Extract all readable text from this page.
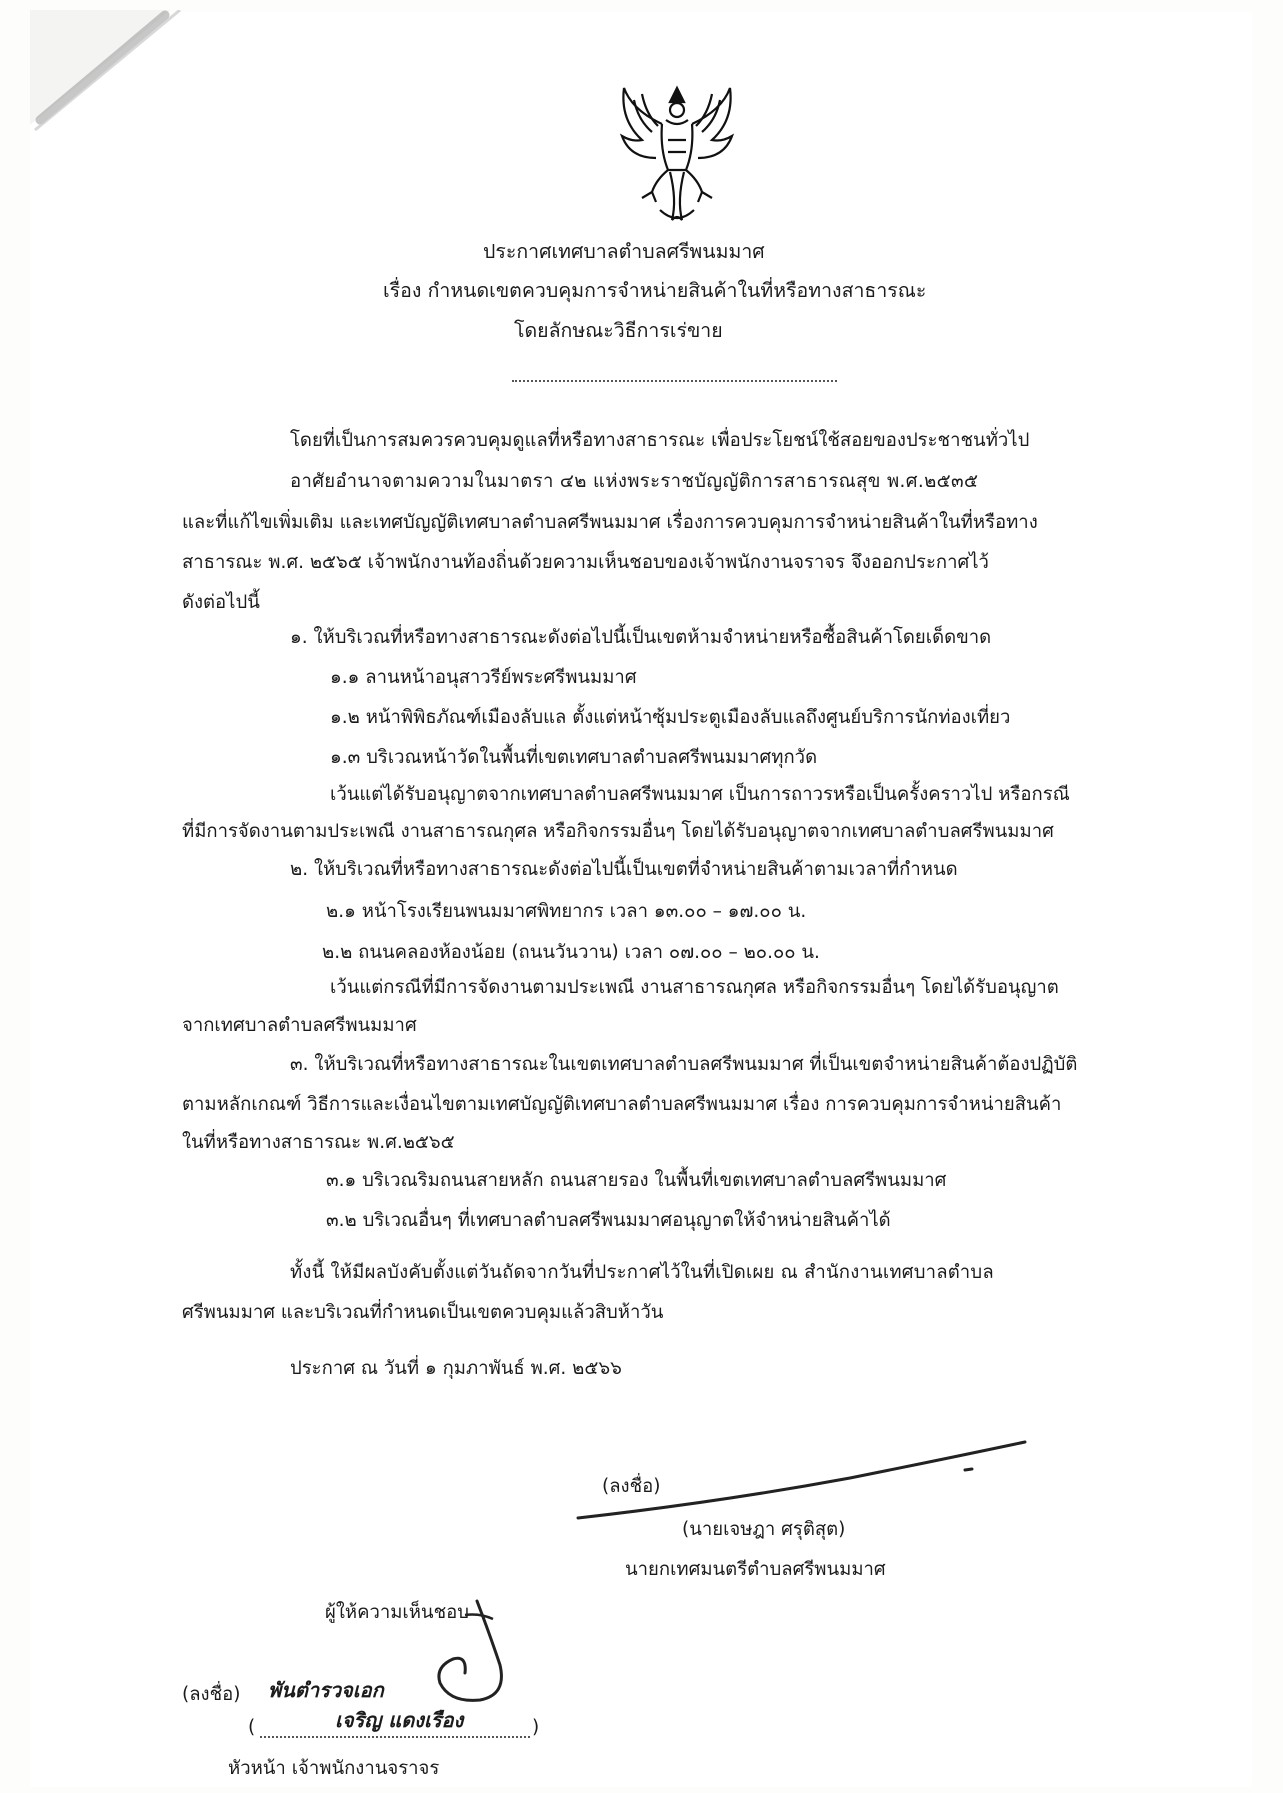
ประกาศเทศบาลตำบลศรีพนมมาศ
เรื่อง กำหนดเขตควบคุมการจำหน่ายสินค้าในที่หรือทางสาธารณะ
โดยลักษณะวิธีการเร่ขาย
โดยที่เป็นการสมควรควบคุมดูแลที่หรือทางสาธารณะ เพื่อประโยชน์ใช้สอยของประชาชนทั่วไป
อาศัยอำนาจตามความในมาตรา ๔๒ แห่งพระราชบัญญัติการสาธารณสุข พ.ศ.๒๕๓๕
และที่แก้ไขเพิ่มเติม และเทศบัญญัติเทศบาลตำบลศรีพนมมาศ เรื่องการควบคุมการจำหน่ายสินค้าในที่หรือทาง
สาธารณะ พ.ศ. ๒๕๖๕ เจ้าพนักงานท้องถิ่นด้วยความเห็นชอบของเจ้าพนักงานจราจร จึงออกประกาศไว้
ดังต่อไปนี้
๑. ให้บริเวณที่หรือทางสาธารณะดังต่อไปนี้เป็นเขตห้ามจำหน่ายหรือซื้อสินค้าโดยเด็ดขาด
๑.๑ ลานหน้าอนุสาวรีย์พระศรีพนมมาศ
๑.๒ หน้าพิพิธภัณฑ์เมืองลับแล ตั้งแต่หน้าซุ้มประตูเมืองลับแลถึงศูนย์บริการนักท่องเที่ยว
๑.๓ บริเวณหน้าวัดในพื้นที่เขตเทศบาลตำบลศรีพนมมาศทุกวัด
เว้นแต่ได้รับอนุญาตจากเทศบาลตำบลศรีพนมมาศ เป็นการถาวรหรือเป็นครั้งคราวไป หรือกรณี
ที่มีการจัดงานตามประเพณี งานสาธารณกุศล หรือกิจกรรมอื่นๆ โดยได้รับอนุญาตจากเทศบาลตำบลศรีพนมมาศ
๒. ให้บริเวณที่หรือทางสาธารณะดังต่อไปนี้เป็นเขตที่จำหน่ายสินค้าตามเวลาที่กำหนด
๒.๑ หน้าโรงเรียนพนมมาศพิทยากร เวลา ๑๓.๐๐ – ๑๗.๐๐ น.
๒.๒ ถนนคลองห้องน้อย (ถนนวันวาน) เวลา ๐๗.๐๐ – ๒๐.๐๐ น.
เว้นแต่กรณีที่มีการจัดงานตามประเพณี งานสาธารณกุศล หรือกิจกรรมอื่นๆ โดยได้รับอนุญาต
จากเทศบาลตำบลศรีพนมมาศ
๓. ให้บริเวณที่หรือทางสาธารณะในเขตเทศบาลตำบลศรีพนมมาศ ที่เป็นเขตจำหน่ายสินค้าต้องปฏิบัติ
ตามหลักเกณฑ์ วิธีการและเงื่อนไขตามเทศบัญญัติเทศบาลตำบลศรีพนมมาศ เรื่อง การควบคุมการจำหน่ายสินค้า
ในที่หรือทางสาธารณะ พ.ศ.๒๕๖๕
๓.๑ บริเวณริมถนนสายหลัก ถนนสายรอง ในพื้นที่เขตเทศบาลตำบลศรีพนมมาศ
๓.๒ บริเวณอื่นๆ ที่เทศบาลตำบลศรีพนมมาศอนุญาตให้จำหน่ายสินค้าได้
ทั้งนี้ ให้มีผลบังคับตั้งแต่วันถัดจากวันที่ประกาศไว้ในที่เปิดเผย ณ สำนักงานเทศบาลตำบล
ศรีพนมมาศ และบริเวณที่กำหนดเป็นเขตควบคุมแล้วสิบห้าวัน
ประกาศ ณ วันที่ ๑ กุมภาพันธ์ พ.ศ. ๒๕๖๖
(ลงชื่อ)
(นายเจษฎา ศรุติสุต)
นายกเทศมนตรีตำบลศรีพนมมาศ
ผู้ให้ความเห็นชอบ
(ลงชื่อ) พันตำรวจเอก
(	เจริญ แดงเรือง	)
หัวหน้า เจ้าพนักงานจราจร
